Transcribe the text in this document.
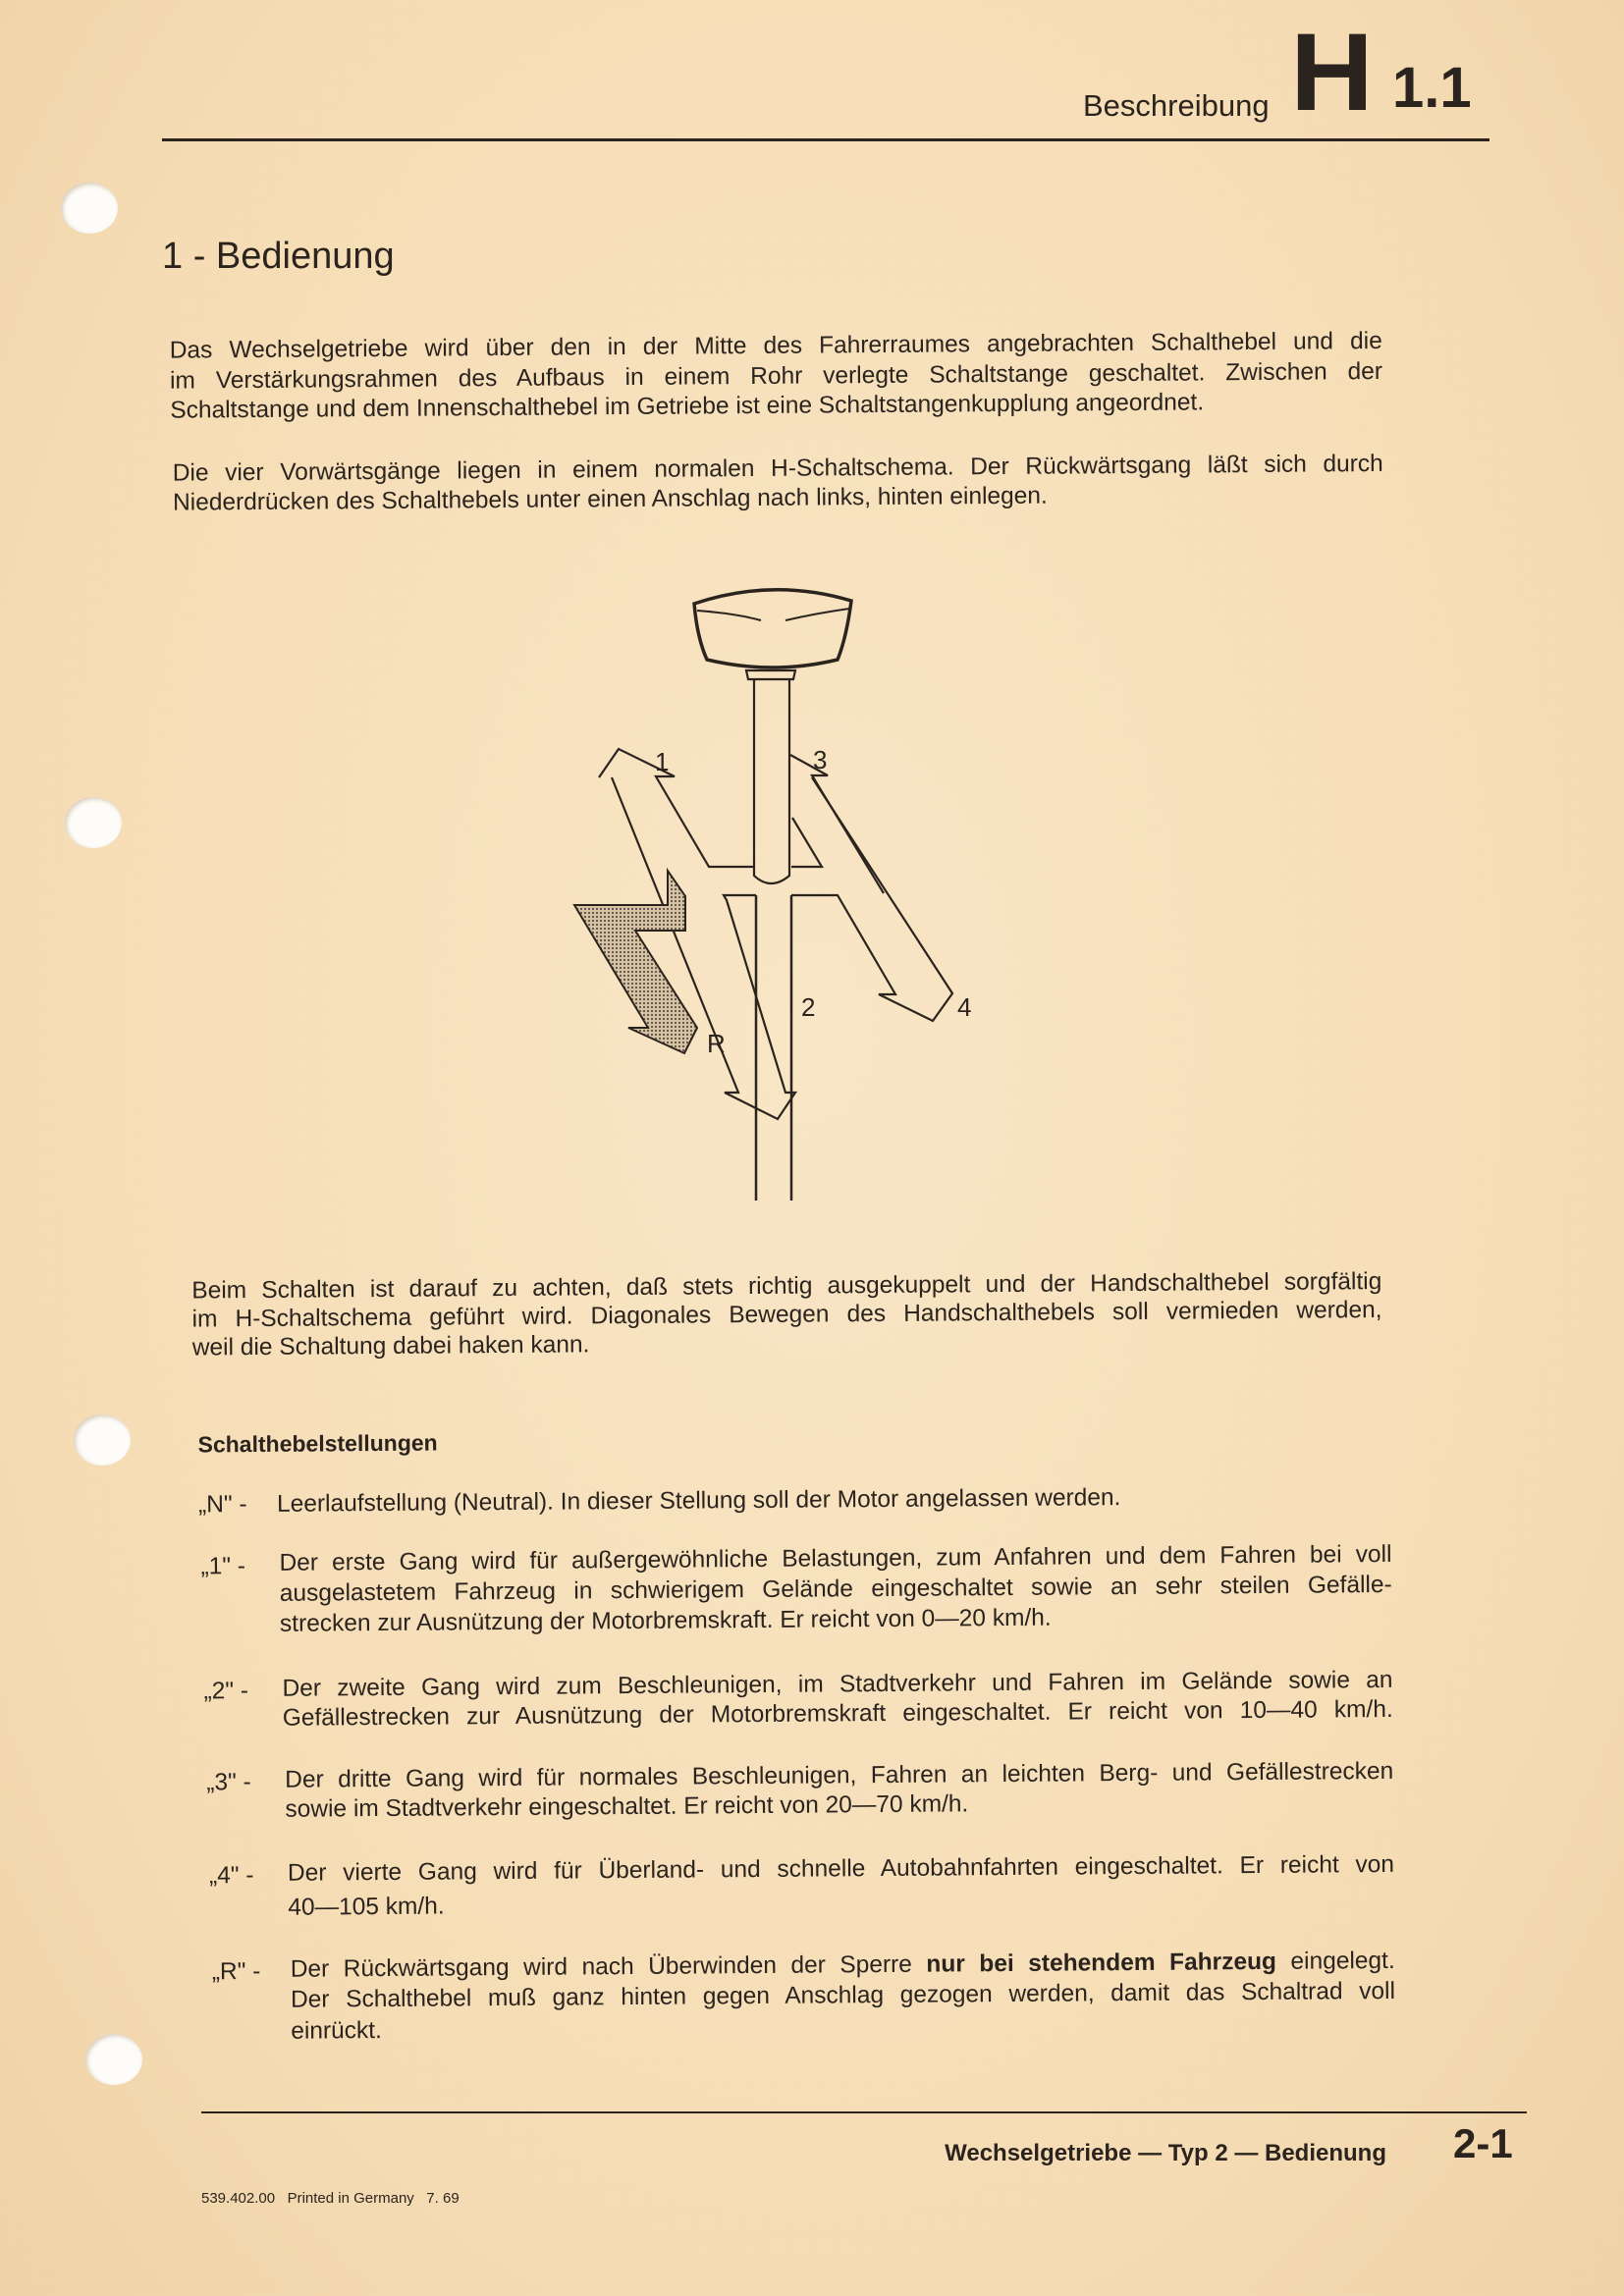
Beschreibung H 1.1
1 - Bedienung
Das Wechselgetriebe wird über den in der Mitte des Fahrerraumes angebrachten Schalthebel und die
im Verstärkungsrahmen des Aufbaus in einem Rohr verlegte Schaltstange geschaltet. Zwischen der
Schaltstange und dem Innenschalthebel im Getriebe ist eine Schaltstangenkupplung angeordnet.
Die vier Vorwärtsgänge liegen in einem normalen H-Schaltschema. Der Rückwärtsgang läßt sich durch
Niederdrücken des Schalthebels unter einen Anschlag nach links, hinten einlegen.
1	3
2	4
R
Beim Schalten ist darauf zu achten, daß stets richtig ausgekuppelt und der Handschalthebel sorgfältig
im H-Schaltschema geführt wird. Diagonales Bewegen des Handschalthebels soll vermieden werden,
weil die Schaltung dabei haken kann.
Schalthebelstellungen
„N" - Leerlaufstellung (Neutral). In dieser Stellung soll der Motor angelassen werden.
„1" - Der erste Gang wird für außergewöhnliche Belastungen, zum Anfahren und dem Fahren bei voll
ausgelastetem Fahrzeug in schwierigem Gelände eingeschaltet sowie an sehr steilen Gefälle-
strecken zur Ausnützung der Motorbremskraft. Er reicht von 0—20 km/h.
„2" - Der zweite Gang wird zum Beschleunigen, im Stadtverkehr und Fahren im Gelände sowie an
Gefällestrecken zur Ausnützung der Motorbremskraft eingeschaltet. Er reicht von 10—40 km/h.
„3" - Der dritte Gang wird für normales Beschleunigen, Fahren an leichten Berg- und Gefällestrecken
sowie im Stadtverkehr eingeschaltet. Er reicht von 20—70 km/h.
„4" - Der vierte Gang wird für Überland- und schnelle Autobahnfahrten eingeschaltet. Er reicht von
40—105 km/h.
„R" - Der Rückwärtsgang wird nach Überwinden der Sperre nur bei stehendem Fahrzeug eingelegt.
Der Schalthebel muß ganz hinten gegen Anschlag gezogen werden, damit das Schaltrad voll
einrückt.
Wechselgetriebe — Typ 2 — Bedienung 2-1
539.402.00   Printed in Germany   7. 69
